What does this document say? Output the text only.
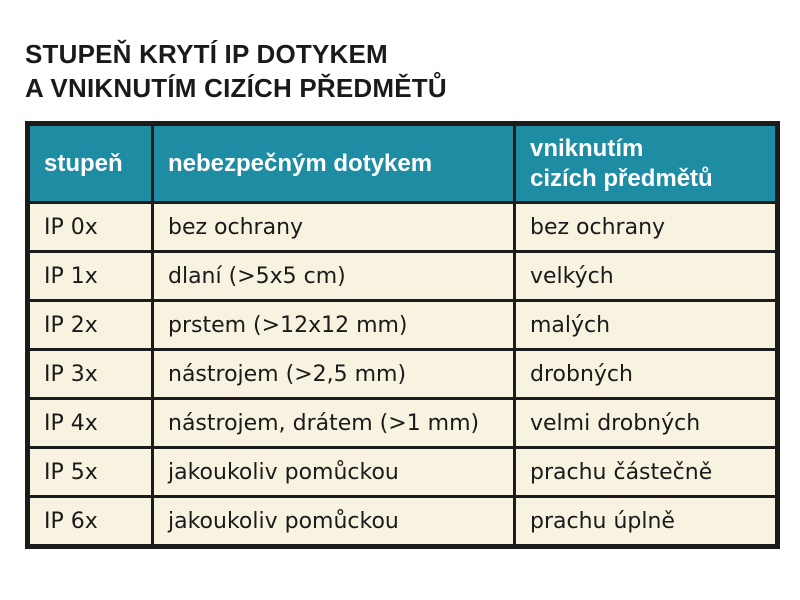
STUPEŇ KRYTÍ IP DOTYKEM
A VNIKNUTÍM CIZÍCH PŘEDMĚTŮ
stupeň	nebezpečným dotykem	vniknutím
cizích předmětů

IP 0x	bez ochrany	bez ochrany
IP 1x	dlaní (>5x5 cm)	velkých
IP 2x	prstem (>12x12 mm)	malých
IP 3x	nástrojem (>2,5 mm)	drobných
IP 4x	nástrojem, drátem (>1 mm)	velmi drobných
IP 5x	jakoukoliv pomůckou	prachu částečně
IP 6x	jakoukoliv pomůckou	prachu úplně
